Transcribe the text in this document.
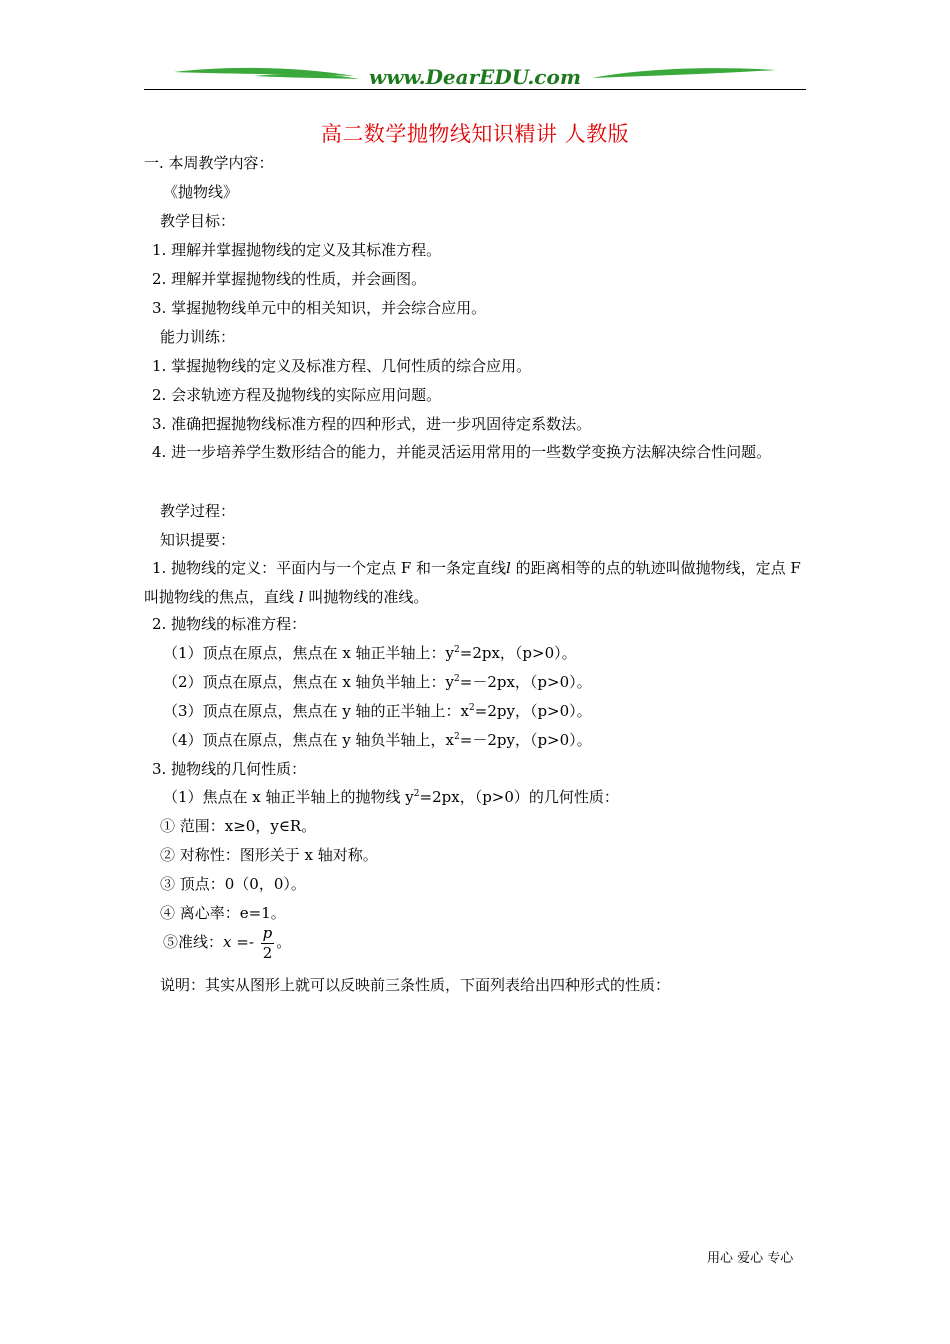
www.DearEDU.com
高二数学抛物线知识精讲 人教版
一. 本周教学内容：
《抛物线》
教学目标：
1. 理解并掌握抛物线的定义及其标准方程。
2. 理解并掌握抛物线的性质，并会画图。
3. 掌握抛物线单元中的相关知识，并会综合应用。
能力训练：
1. 掌握抛物线的定义及标准方程、几何性质的综合应用。
2. 会求轨迹方程及抛物线的实际应用问题。
3. 准确把握抛物线标准方程的四种形式，进一步巩固待定系数法。
4. 进一步培养学生数形结合的能力，并能灵活运用常用的一些数学变换方法解决综合性问题。
教学过程：
知识提要：
1. 抛物线的定义：平面内与一个定点 F 和一条定直线l 的距离相等的点的轨迹叫做抛物线，定点 F 叫抛物线的焦点，直线 l 叫抛物线的准线。
2. 抛物线的标准方程：
（1）顶点在原点，焦点在 x 轴正半轴上：$y^2=2px$，（p>0）。
（2）顶点在原点，焦点在 x 轴负半轴上：$y^2=-2px$，（p>0）。
（3）顶点在原点，焦点在 y 轴的正半轴上：$x^2=2py$，（p>0）。
（4）顶点在原点，焦点在 y 轴负半轴上，$x^2=-2py$，（p>0）。
3. 抛物线的几何性质：
（1）焦点在 x 轴正半轴上的抛物线 $y^2=2px$，（p>0）的几何性质：
① 范围：x≥0，y∈R。
② 对称性：图形关于 x 轴对称。
③ 顶点：0（0，0）。
④ 离心率：e=1。
⑤准线：$x =- \frac{p}{2}$ 。
说明：其实从图形上就可以反映前三条性质，下面列表给出四种形式的性质：
用心 爱心 专心
